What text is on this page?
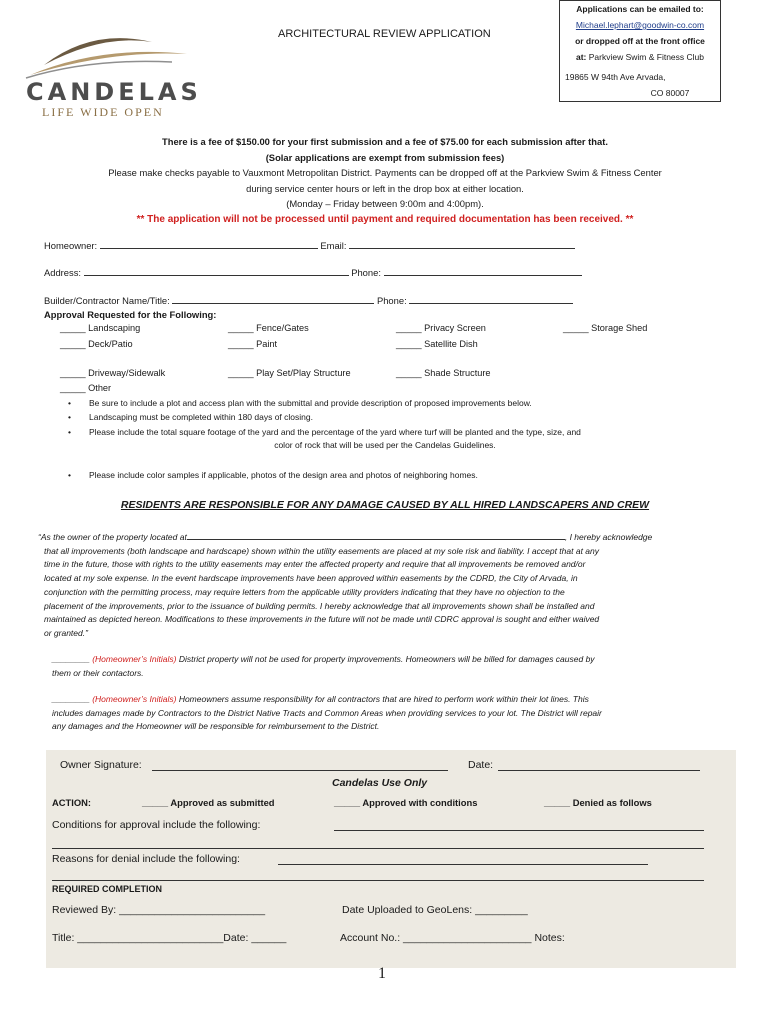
CANDELAS
LIFE WIDE OPEN
ARCHITECTURAL REVIEW APPLICATION
Applications can be emailed to:
Michael.lephart@goodwin-co.com
or dropped off at the front office
at: Parkview Swim & Fitness Club
19865 W 94th Ave Arvada,
CO 80007
There is a fee of $150.00 for your first submission and a fee of $75.00 for each submission after that.
(Solar applications are exempt from submission fees)
Please make checks payable to Vauxmont Metropolitan District. Payments can be dropped off at the Parkview Swim & Fitness Center
during service center hours or left in the drop box at either location.
(Monday – Friday between 9:00m and 4:00pm).
** The application will not be processed until payment and required documentation has been received. **
Homeowner:	Email:
Address:	Phone:
Builder/Contractor Name/Title:	Phone:
Approval Requested for the Following:
_____ Landscaping	_____ Fence/Gates	_____ Privacy Screen	_____ Storage Shed
_____ Deck/Patio	_____ Paint	_____ Satellite Dish
_____ Driveway/Sidewalk	_____ Play Set/Play Structure	_____ Shade Structure
_____ Other
• Be sure to include a plot and access plan with the submittal and provide description of proposed improvements below.
• Landscaping must be completed within 180 days of closing.
• Please include the total square footage of the yard and the percentage of the yard where turf will be planted and the type, size, and
color of rock that will be used per the Candelas Guidelines.
• Please include color samples if applicable, photos of the design area and photos of neighboring homes.
RESIDENTS ARE RESPONSIBLE FOR ANY DAMAGE CAUSED BY ALL HIRED LANDSCAPERS AND CREW
“As the owner of the property located at	, I hereby acknowledge
that all improvements (both landscape and hardscape) shown within the utility easements are placed at my sole risk and liability. I accept that at any
time in the future, those with rights to the utility easements may enter the affected property and require that all improvements be removed and/or
located at my sole expense. In the event hardscape improvements have been approved within easements by the CDRD, the City of Arvada, in
conjunction with the permitting process, may require letters from the applicable utility providers indicating that they have no objection to the
placement of the improvements, prior to the issuance of building permits. I hereby acknowledge that all improvements shown shall be installed and
maintained as depicted hereon. Modifications to these improvements in the future will not be made until CDRC approval is sought and either waived
or granted.”
________ (Homeowner’s Initials) District property will not be used for property improvements. Homeowners will be billed for damages caused by
them or their contactors.
________ (Homeowner’s Initials) Homeowners assume responsibility for all contractors that are hired to perform work within their lot lines. This
includes damages made by Contractors to the District Native Tracts and Common Areas when providing services to your lot. The District will repair
any damages and the Homeowner will be responsible for reimbursement to the District.
Owner Signature:	Date:
Candelas Use Only
ACTION:	_____ Approved as submitted	_____ Approved with conditions	_____ Denied as follows
Conditions for approval include the following:
Reasons for denial include the following:
REQUIRED COMPLETION
Reviewed By: _________________________	Date Uploaded to GeoLens: _________
Title: _________________________Date: ______	Account No.: ______________________ Notes:
1
